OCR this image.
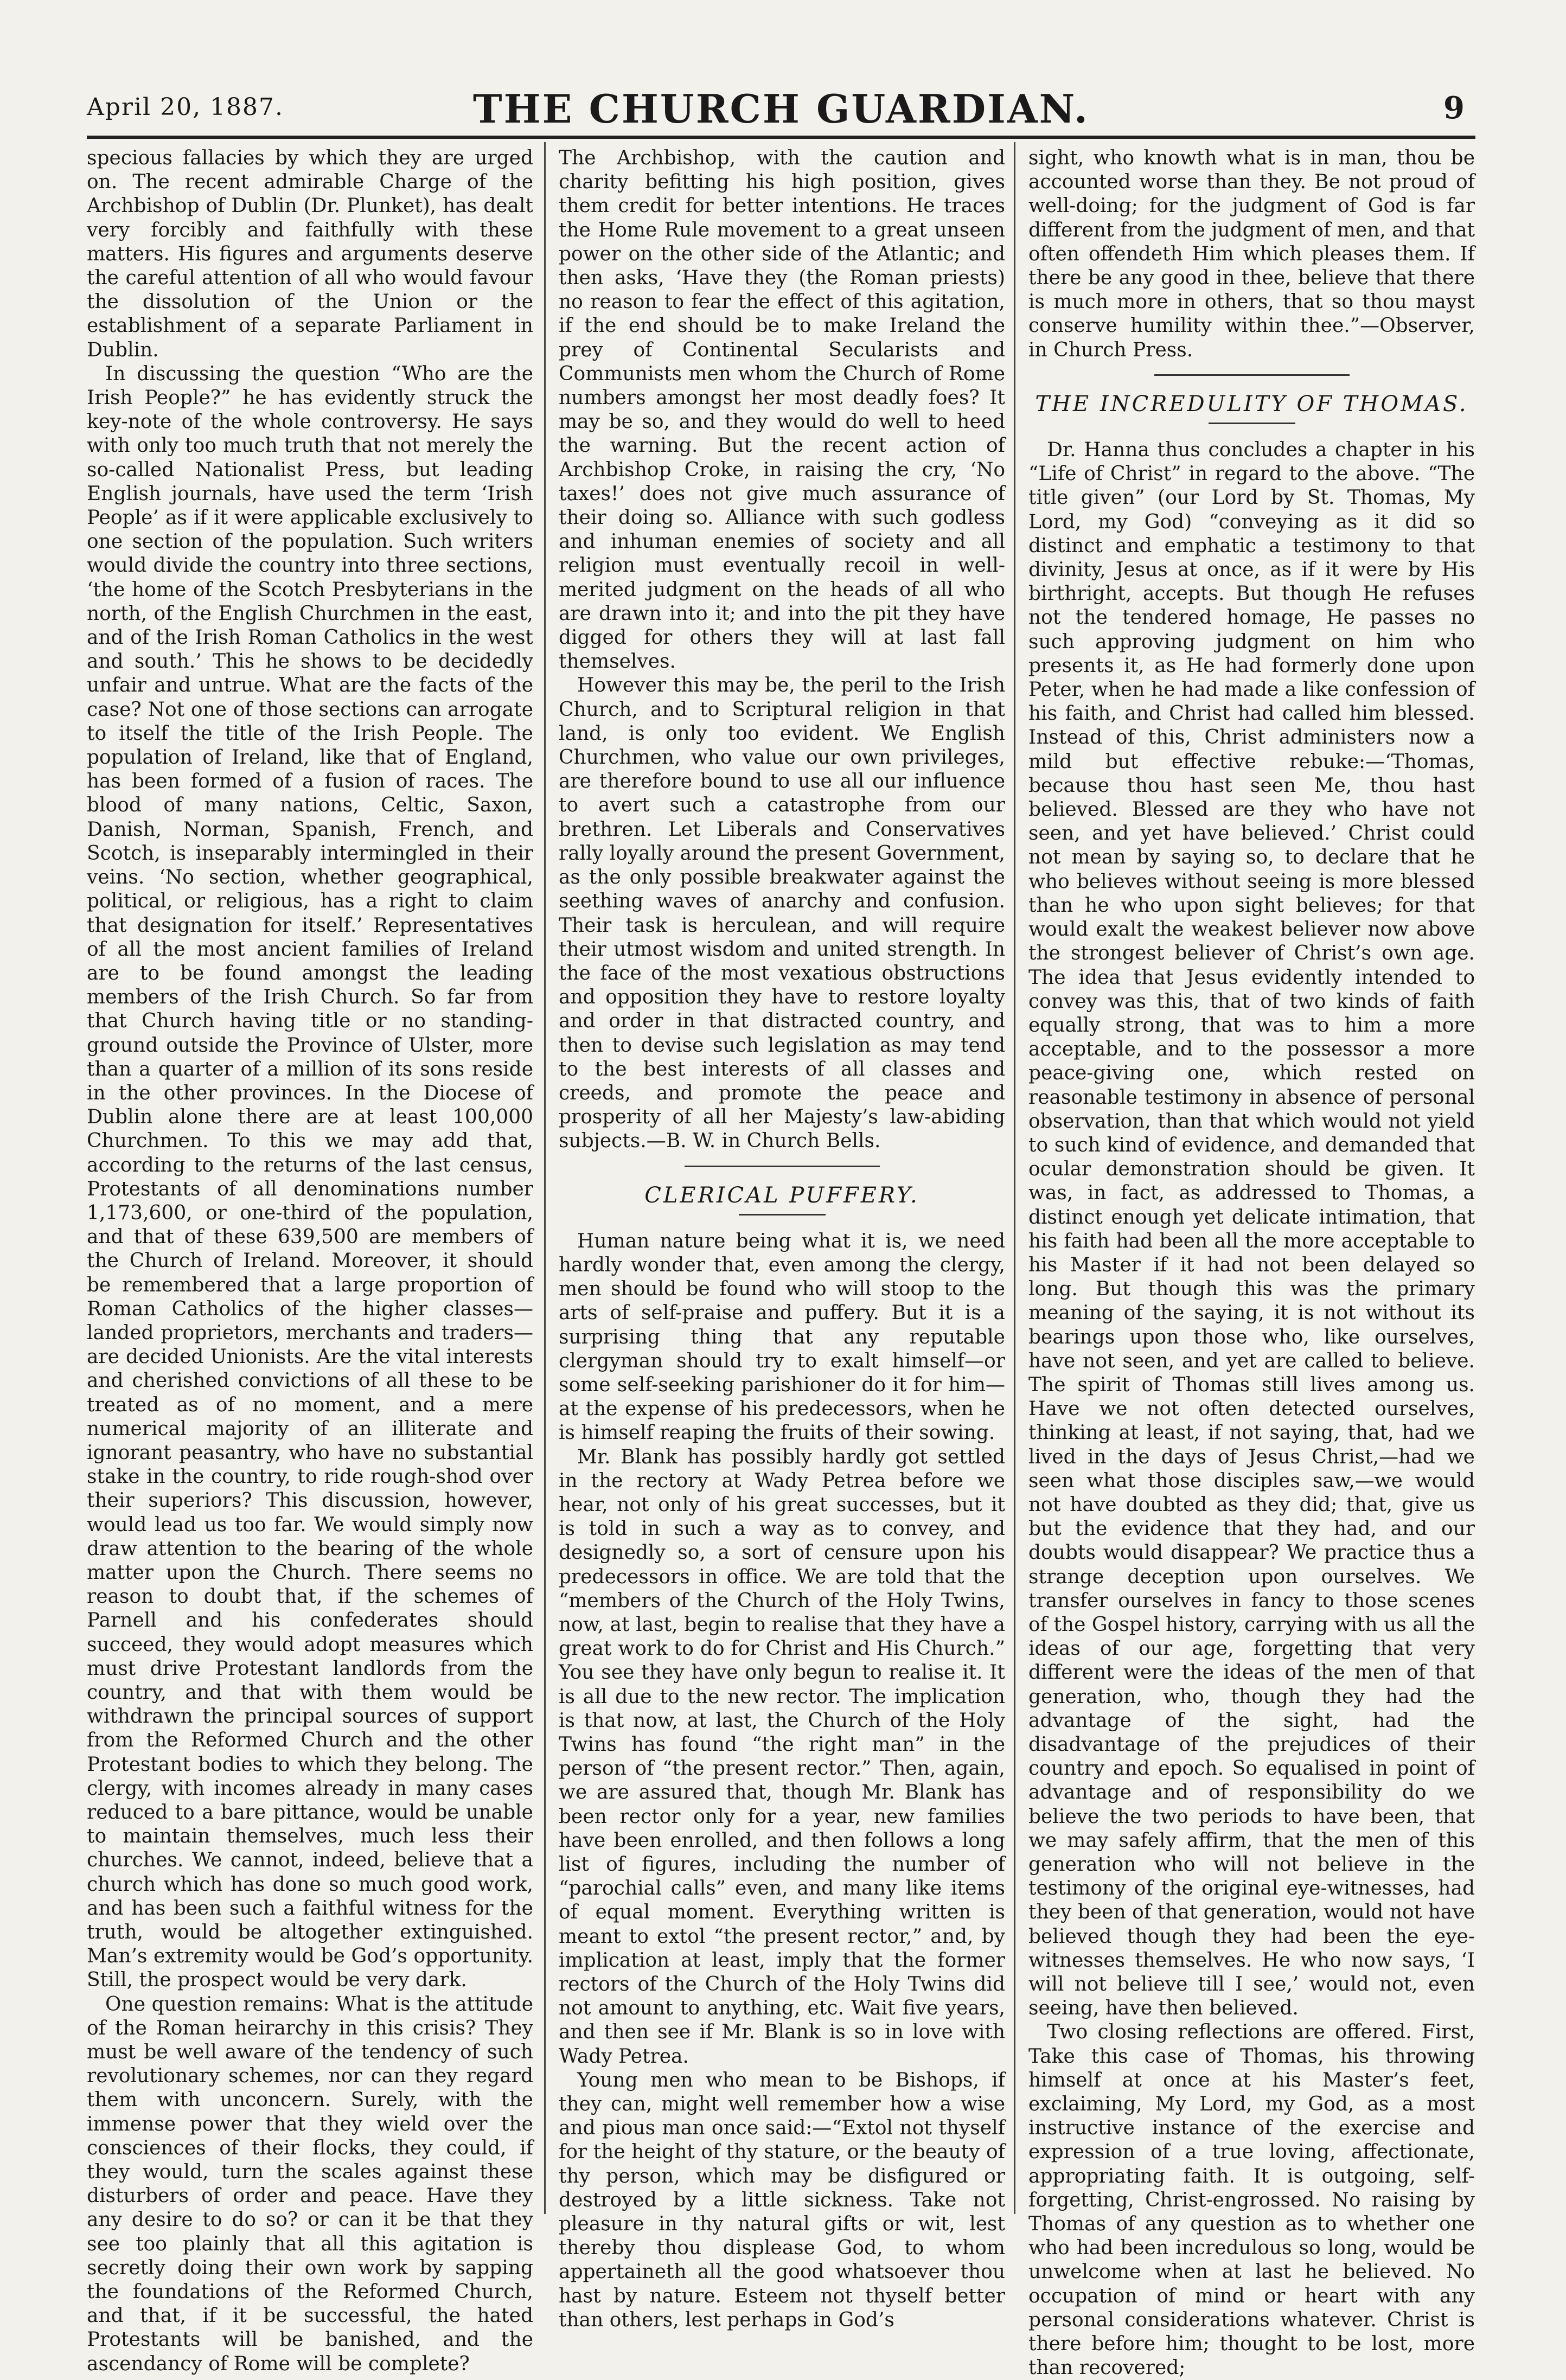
April 20, 1887.	THE CHURCH GUARDIAN.	9

specious fallacies by which they are urged on. The recent admirable Charge of the Archbishop of Dublin (Dr. Plunket), has dealt very forcibly and faithfully with these matters. His figures and arguments deserve the careful attention of all who would favour the dissolution of the Union or the establishment of a separate Parliament in Dublin.

In discussing the question “Who are the Irish People?” he has evidently struck the key-note of the whole controversy. He says with only too much truth that not merely the so-called Nationalist Press, but leading English journals, have used the term ‘Irish People’ as if it were applicable exclusively to one section of the population. Such writers would divide the country into three sections, ‘the home of the Scotch Presbyterians in the north, of the English Churchmen in the east, and of the Irish Roman Catholics in the west and south.’ This he shows to be decidedly unfair and untrue. What are the facts of the case? Not one of those sections can arrogate to itself the title of the Irish People. The population of Ireland, like that of England, has been formed of a fusion of races. The blood of many nations, Celtic, Saxon, Danish, Norman, Spanish, French, and Scotch, is inseparably intermingled in their veins. ‘No section, whether geographical, political, or religious, has a right to claim that designation for itself.’ Representatives of all the most ancient families of Ireland are to be found amongst the leading members of the Irish Church. So far from that Church having title or no standing-ground outside the Province of Ulster, more than a quarter of a million of its sons reside in the other provinces. In the Diocese of Dublin alone there are at least 100,000 Churchmen. To this we may add that, according to the returns of the last census, Protestants of all denominations number 1,173,600, or one-third of the population, and that of these 639,500 are members of the Church of Ireland. Moreover, it should be remembered that a large proportion of Roman Catholics of the higher classes—landed proprietors, merchants and traders—are decided Unionists. Are the vital interests and cherished convictions of all these to be treated as of no moment, and a mere numerical majority of an illiterate and ignorant peasantry, who have no substantial stake in the country, to ride rough-shod over their superiors? This discussion, however, would lead us too far. We would simply now draw attention to the bearing of the whole matter upon the Church. There seems no reason to doubt that, if the schemes of Parnell and his confederates should succeed, they would adopt measures which must drive Protestant landlords from the country, and that with them would be withdrawn the principal sources of support from the Reformed Church and the other Protestant bodies to which they belong. The clergy, with incomes already in many cases reduced to a bare pittance, would be unable to maintain themselves, much less their churches. We cannot, indeed, believe that a church which has done so much good work, and has been such a faithful witness for the truth, would be altogether extinguished. Man’s extremity would be God’s opportunity. Still, the prospect would be very dark.

One question remains: What is the attitude of the Roman heirarchy in this crisis? They must be well aware of the tendency of such revolutionary schemes, nor can they regard them with unconcern. Surely, with the immense power that they wield over the consciences of their flocks, they could, if they would, turn the scales against these disturbers of order and peace. Have they any desire to do so? or can it be that they see too plainly that all this agitation is secretly doing their own work by sapping the foundations of the Reformed Church, and that, if it be successful, the hated Protestants will be banished, and the ascendancy of Rome will be complete?

The Archbishop, with the caution and charity befitting his high position, gives them credit for better intentions. He traces the Home Rule movement to a great unseen power on the other side of the Atlantic; and then asks, ‘Have they (the Roman priests) no reason to fear the effect of this agitation, if the end should be to make Ireland the prey of Continental Secularists and Communists men whom the Church of Rome numbers amongst her most deadly foes? It may be so, and they would do well to heed the warning. But the recent action of Archbishop Croke, in raising the cry, ‘No taxes!’ does not give much assurance of their doing so. Alliance with such godless and inhuman enemies of society and all religion must eventually recoil in well-merited judgment on the heads of all who are drawn into it; and into the pit they have digged for others they will at last fall themselves.

However this may be, the peril to the Irish Church, and to Scriptural religion in that land, is only too evident. We English Churchmen, who value our own privileges, are therefore bound to use all our influence to avert such a catastrophe from our brethren. Let Liberals and Conservatives rally loyally around the present Government, as the only possible breakwater against the seething waves of anarchy and confusion. Their task is herculean, and will require their utmost wisdom and united strength. In the face of the most vexatious obstructions and opposition they have to restore loyalty and order in that distracted country, and then to devise such legislation as may tend to the best interests of all classes and creeds, and promote the peace and prosperity of all her Majesty’s law-abiding subjects.—B. W. in Church Bells.

CLERICAL PUFFERY.

Human nature being what it is, we need hardly wonder that, even among the clergy, men should be found who will stoop to the arts of self-praise and puffery. But it is a surprising thing that any reputable clergyman should try to exalt himself—or some self-seeking parishioner do it for him—at the expense of his predecessors, when he is himself reaping the fruits of their sowing.

Mr. Blank has possibly hardly got settled in the rectory at Wady Petrea before we hear, not only of his great successes, but it is told in such a way as to convey, and designedly so, a sort of censure upon his predecessors in office. We are told that the “members of the Church of the Holy Twins, now, at last, begin to realise that they have a great work to do for Christ and His Church.” You see they have only begun to realise it. It is all due to the new rector. The implication is that now, at last, the Church of the Holy Twins has found “the right man” in the person of “the present rector.” Then, again, we are assured that, though Mr. Blank has been rector only for a year, new families have been enrolled, and then follows a long list of figures, including the number of “parochial calls” even, and many like items of equal moment. Everything written is meant to extol “the present rector,” and, by implication at least, imply that the former rectors of the Church of the Holy Twins did not amount to anything, etc. Wait five years, and then see if Mr. Blank is so in love with Wady Petrea.

Young men who mean to be Bishops, if they can, might well remember how a wise and pious man once said:—“Extol not thyself for the height of thy stature, or the beauty of thy person, which may be disfigured or destroyed by a little sickness. Take not pleasure in thy natural gifts or wit, lest thereby thou displease God, to whom appertaineth all the good whatsoever thou hast by nature. Esteem not thyself better than others, lest perhaps in God’s

sight, who knowth what is in man, thou be accounted worse than they. Be not proud of well-doing; for the judgment of God is far different from the judgment of men, and that often offendeth Him which pleases them. If there be any good in thee, believe that there is much more in others, that so thou mayst conserve humility within thee.”—Observer, in Church Press.

THE INCREDULITY OF THOMAS.

Dr. Hanna thus concludes a chapter in his “Life of Christ” in regard to the above. “The title given” (our Lord by St. Thomas, My Lord, my God) “conveying as it did so distinct and emphatic a testimony to that divinity, Jesus at once, as if it were by His birthright, accepts. But though He refuses not the tendered homage, He passes no such approving judgment on him who presents it, as He had formerly done upon Peter, when he had made a like confession of his faith, and Christ had called him blessed. Instead of this, Christ administers now a mild but effective rebuke:—‘Thomas, because thou hast seen Me, thou hast believed. Blessed are they who have not seen, and yet have believed.’ Christ could not mean by saying so, to declare that he who believes without seeing is more blessed than he who upon sight believes; for that would exalt the weakest believer now above the strongest believer of Christ’s own age. The idea that Jesus evidently intended to convey was this, that of two kinds of faith equally strong, that was to him a more acceptable, and to the possessor a more peace-giving one, which rested on reasonable testimony in absence of personal observation, than that which would not yield to such kind of evidence, and demanded that ocular demonstration should be given. It was, in fact, as addressed to Thomas, a distinct enough yet delicate intimation, that his faith had been all the more acceptable to his Master if it had not been delayed so long. But though this was the primary meaning of the saying, it is not without its bearings upon those who, like ourselves, have not seen, and yet are called to believe. The spirit of Thomas still lives among us. Have we not often detected ourselves, thinking at least, if not saying, that, had we lived in the days of Jesus Christ,—had we seen what those disciples saw,—we would not have doubted as they did; that, give us but the evidence that they had, and our doubts would disappear? We practice thus a strange deception upon ourselves. We transfer ourselves in fancy to those scenes of the Gospel history, carrying with us all the ideas of our age, forgetting that very different were the ideas of the men of that generation, who, though they had the advantage of the sight, had the disadvantage of the prejudices of their country and epoch. So equalised in point of advantage and of responsibility do we believe the two periods to have been, that we may safely affirm, that the men of this generation who will not believe in the testimony of the original eye-witnesses, had they been of that generation, would not have believed though they had been the eye-witnesses themselves. He who now says, ‘I will not believe till I see,’ would not, even seeing, have then believed.

Two closing reflections are offered. First, Take this case of Thomas, his throwing himself at once at his Master’s feet, exclaiming, My Lord, my God, as a most instructive instance of the exercise and expression of a true loving, affectionate, appropriating faith. It is outgoing, self-forgetting, Christ-engrossed. No raising by Thomas of any question as to whether one who had been incredulous so long, would be unwelcome when at last he believed. No occupation of mind or heart with any personal considerations whatever. Christ is there before him; thought to be lost, more than recovered;
